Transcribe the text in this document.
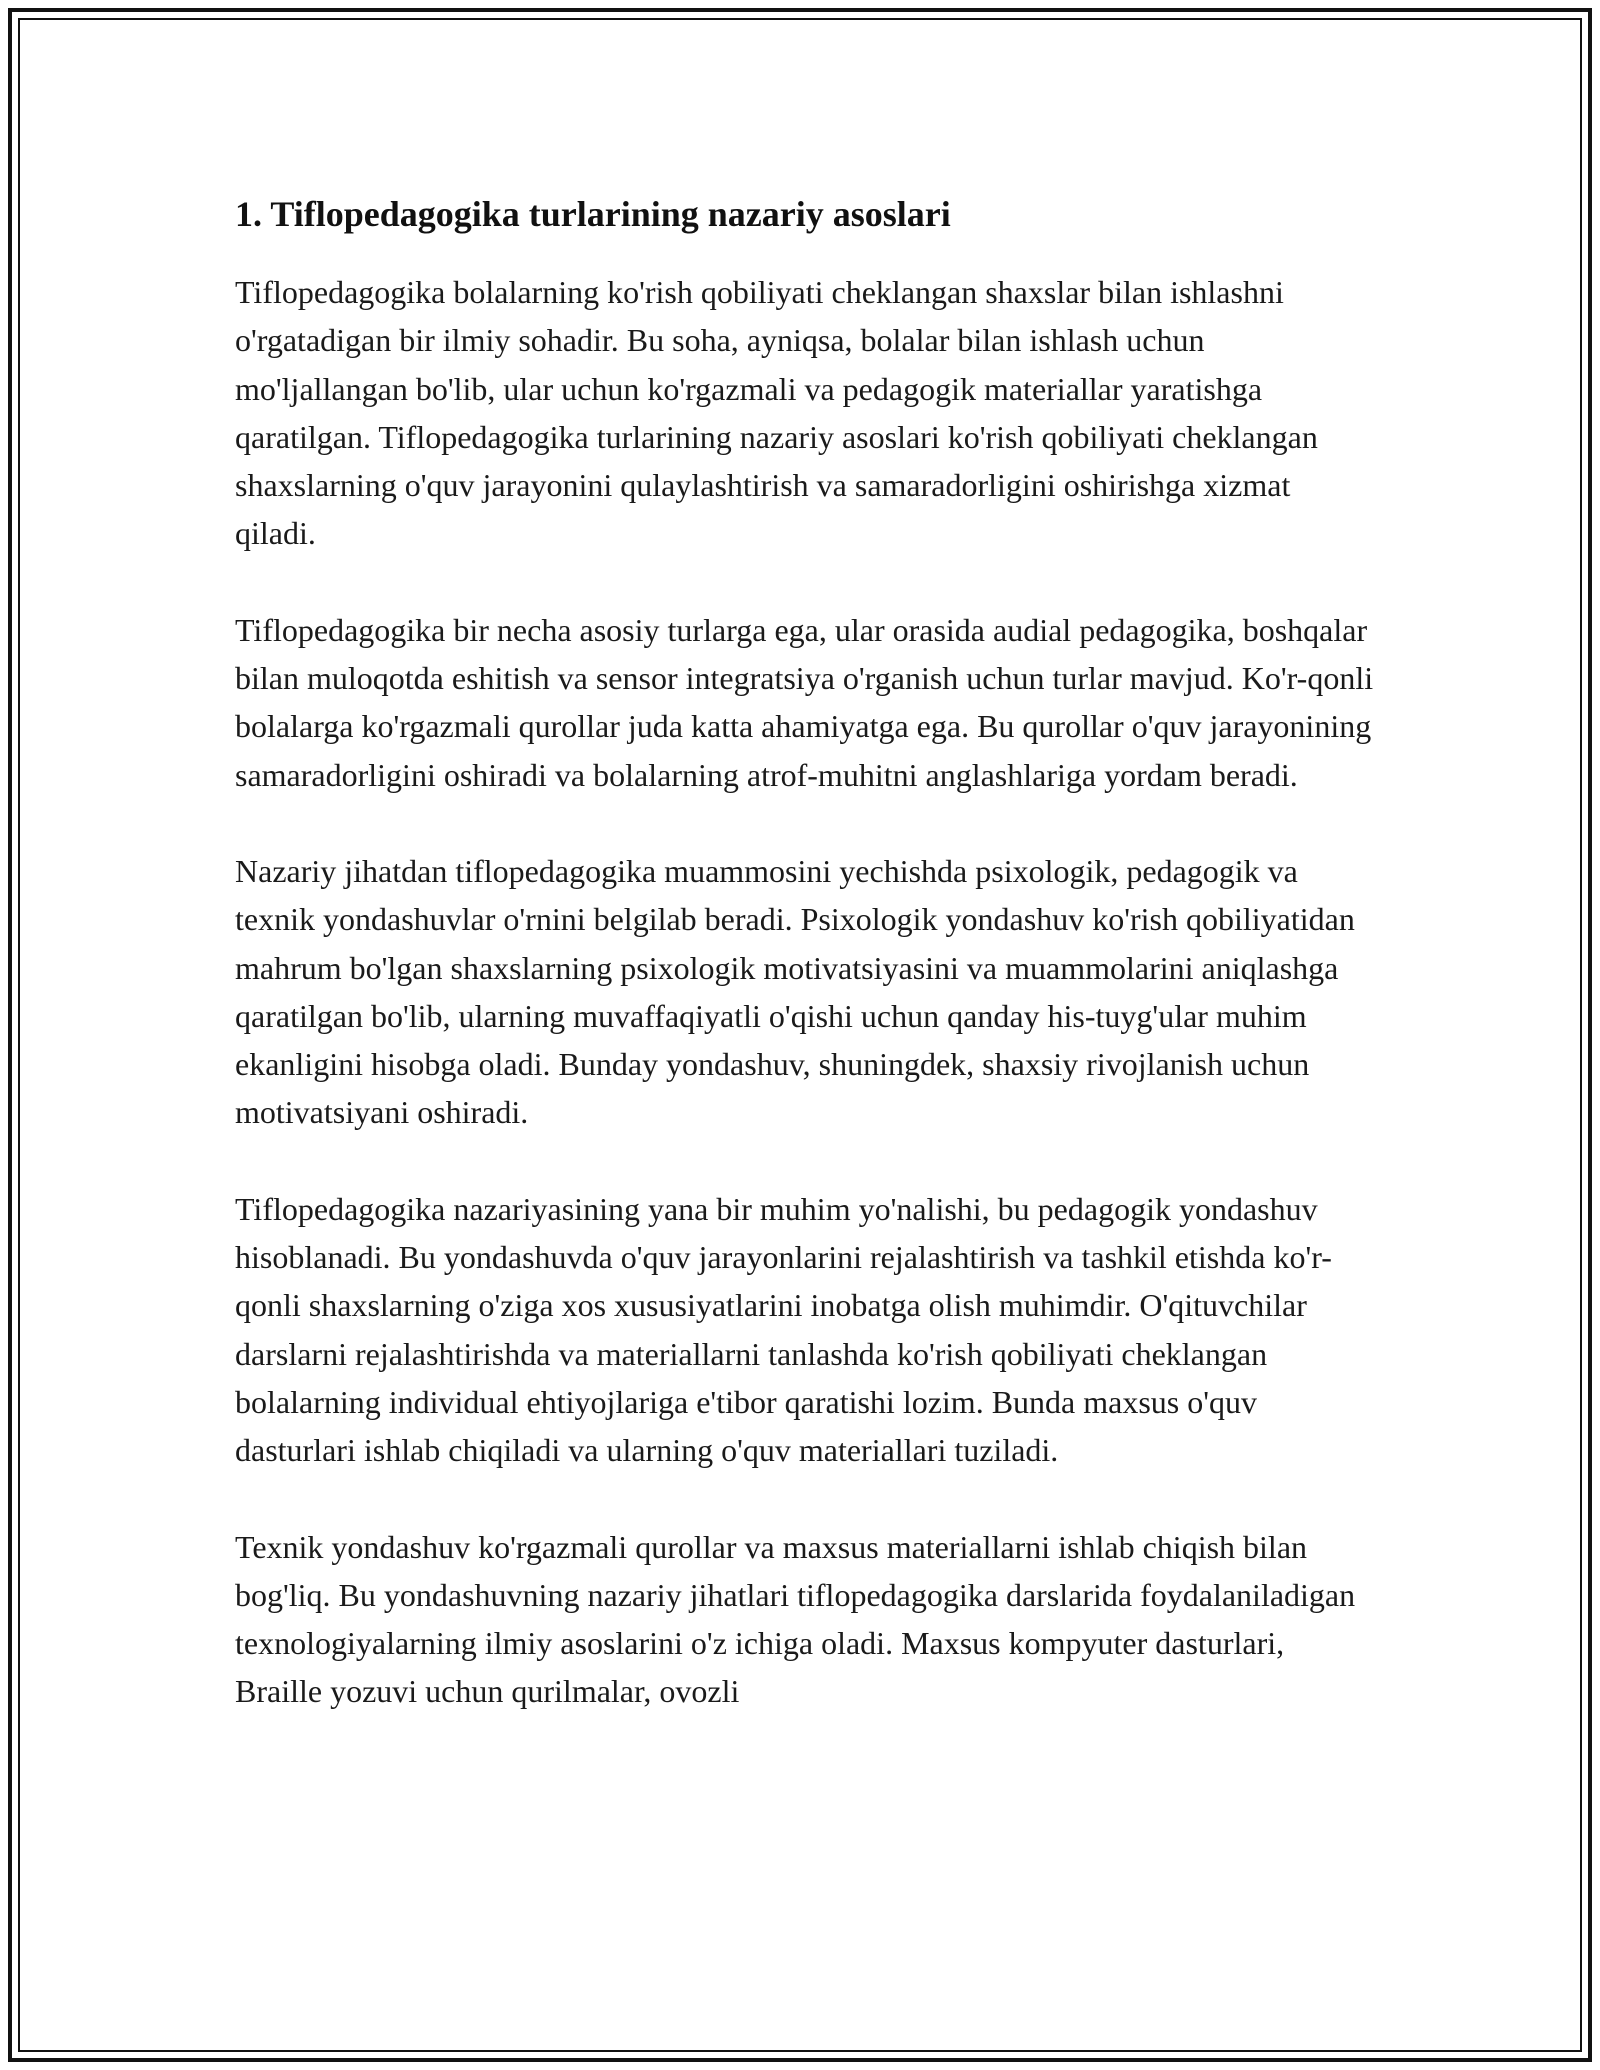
1. Tiflopedagogika turlarining nazariy asoslari

Tiflopedagogika bolalarning ko'rish qobiliyati cheklangan shaxslar bilan ishlashni o'rgatadigan bir ilmiy sohadir. Bu soha, ayniqsa, bolalar bilan ishlash uchun mo'ljallangan bo'lib, ular uchun ko'rgazmali va pedagogik materiallar yaratishga qaratilgan. Tiflopedagogika turlarining nazariy asoslari ko'rish qobiliyati cheklangan shaxslarning o'quv jarayonini qulaylashtirish va samaradorligini oshirishga xizmat qiladi.

Tiflopedagogika bir necha asosiy turlarga ega, ular orasida audial pedagogika, boshqalar bilan muloqotda eshitish va sensor integratsiya o'rganish uchun turlar mavjud. Ko'r-qonli bolalarga ko'rgazmali qurollar juda katta ahamiyatga ega. Bu qurollar o'quv jarayonining samaradorligini oshiradi va bolalarning atrof-muhitni anglashlariga yordam beradi.

Nazariy jihatdan tiflopedagogika muammosini yechishda psixologik, pedagogik va texnik yondashuvlar o'rnini belgilab beradi. Psixologik yondashuv ko'rish qobiliyatidan mahrum bo'lgan shaxslarning psixologik motivatsiyasini va muammolarini aniqlashga qaratilgan bo'lib, ularning muvaffaqiyatli o'qishi uchun qanday his-tuyg'ular muhim ekanligini hisobga oladi. Bunday yondashuv, shuningdek, shaxsiy rivojlanish uchun motivatsiyani oshiradi.

Tiflopedagogika nazariyasining yana bir muhim yo'nalishi, bu pedagogik yondashuv hisoblanadi. Bu yondashuvda o'quv jarayonlarini rejalashtirish va tashkil etishda ko'r-qonli shaxslarning o'ziga xos xususiyatlarini inobatga olish muhimdir. O'qituvchilar darslarni rejalashtirishda va materiallarni tanlashda ko'rish qobiliyati cheklangan bolalarning individual ehtiyojlariga e'tibor qaratishi lozim. Bunda maxsus o'quv dasturlari ishlab chiqiladi va ularning o'quv materiallari tuziladi.

Texnik yondashuv ko'rgazmali qurollar va maxsus materiallarni ishlab chiqish bilan bog'liq. Bu yondashuvning nazariy jihatlari tiflopedagogika darslarida foydalaniladigan texnologiyalarning ilmiy asoslarini o'z ichiga oladi. Maxsus kompyuter dasturlari, Braille yozuvi uchun qurilmalar, ovozli
